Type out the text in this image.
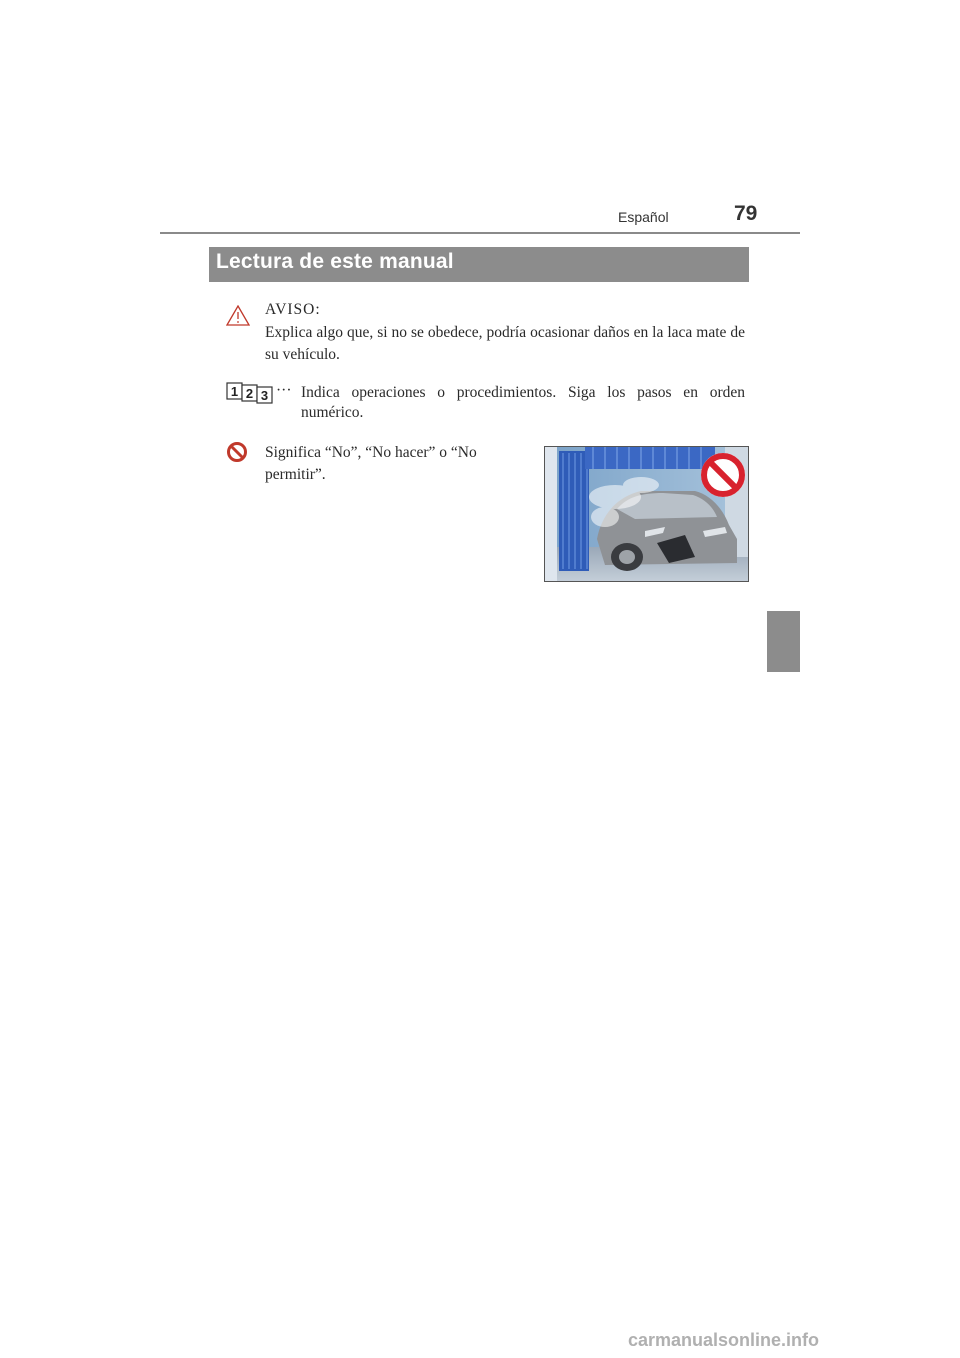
Español	79
Lectura de este manual
AVISO:
Explica algo que, si no se obedece, podría ocasionar daños en la laca mate de su vehículo.
1 2 3 ··· Indica operaciones o procedimientos. Siga los pasos en orden
numérico.
Significa “No”, “No hacer” o “No permitir”.
carmanualsonline.info
